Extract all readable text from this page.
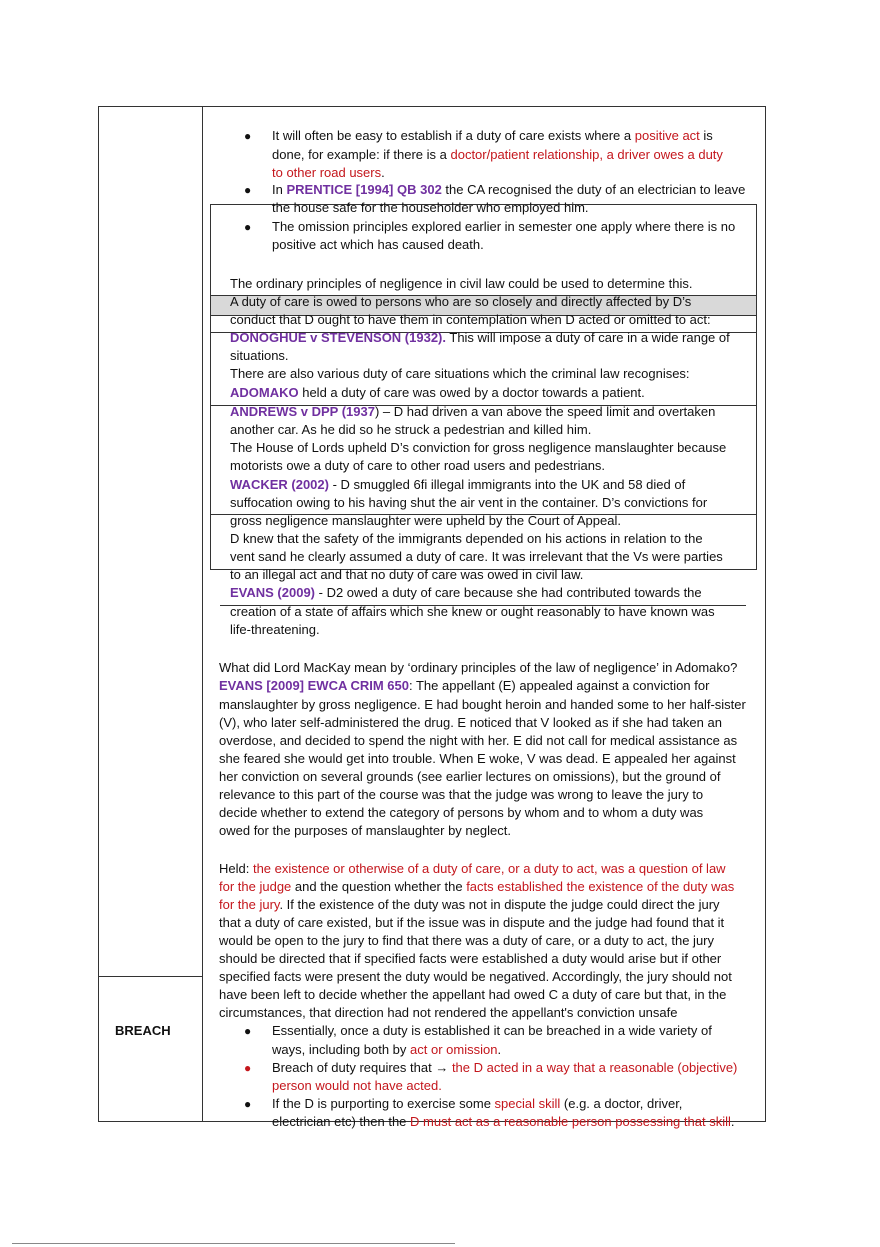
BREACH
● It will often be easy to establish if a duty of care exists where a positive act is
done, for example: if there is a doctor/patient relationship, a driver owes a duty
to other road users.
● In PRENTICE [1994] QB 302 the CA recognised the duty of an electrician to leave
the house safe for the householder who employed him.
● The omission principles explored earlier in semester one apply where there is no
positive act which has caused death.
The ordinary principles of negligence in civil law could be used to determine this.
A duty of care is owed to persons who are so closely and directly affected by D’s
conduct that D ought to have them in contemplation when D acted or omitted to act:
DONOGHUE v STEVENSON (1932). This will impose a duty of care in a wide range of
situations.
There are also various duty of care situations which the criminal law recognises:
ADOMAKO held a duty of care was owed by a doctor towards a patient.
ANDREWS v DPP (1937) – D had driven a van above the speed limit and overtaken
another car. As he did so he struck a pedestrian and killed him.
The House of Lords upheld D’s conviction for gross negligence manslaughter because
motorists owe a duty of care to other road users and pedestrians.
WACKER (2002) - D smuggled 6fi illegal immigrants into the UK and 58 died of
suffocation owing to his having shut the air vent in the container. D’s convictions for
gross negligence manslaughter were upheld by the Court of Appeal.
D knew that the safety of the immigrants depended on his actions in relation to the
vent sand he clearly assumed a duty of care. It was irrelevant that the Vs were parties
to an illegal act and that no duty of care was owed in civil law.
EVANS (2009) - D2 owed a duty of care because she had contributed towards the
creation of a state of affairs which she knew or ought reasonably to have known was
life-threatening.
What did Lord MacKay mean by ‘ordinary principles of the law of negligence’ in Adomako?
EVANS [2009] EWCA CRIM 650: The appellant (E) appealed against a conviction for
manslaughter by gross negligence. E had bought heroin and handed some to her half-sister
(V), who later self-administered the drug. E noticed that V looked as if she had taken an
overdose, and decided to spend the night with her. E did not call for medical assistance as
she feared she would get into trouble. When E woke, V was dead. E appealed her against
her conviction on several grounds (see earlier lectures on omissions), but the ground of
relevance to this part of the course was that the judge was wrong to leave the jury to
decide whether to extend the category of persons by whom and to whom a duty was
owed for the purposes of manslaughter by neglect.
Held: the existence or otherwise of a duty of care, or a duty to act, was a question of law
for the judge and the question whether the facts established the existence of the duty was
for the jury. If the existence of the duty was not in dispute the judge could direct the jury
that a duty of care existed, but if the issue was in dispute and the judge had found that it
would be open to the jury to find that there was a duty of care, or a duty to act, the jury
should be directed that if specified facts were established a duty would arise but if other
specified facts were present the duty would be negatived. Accordingly, the jury should not
have been left to decide whether the appellant had owed C a duty of care but that, in the
circumstances, that direction had not rendered the appellant's conviction unsafe
● Essentially, once a duty is established it can be breached in a wide variety of
ways, including both by act or omission.
● Breach of duty requires that → the D acted in a way that a reasonable (objective)
person would not have acted.
● If the D is purporting to exercise some special skill (e.g. a doctor, driver,
electrician etc) then the D must act as a reasonable person possessing that skill.
